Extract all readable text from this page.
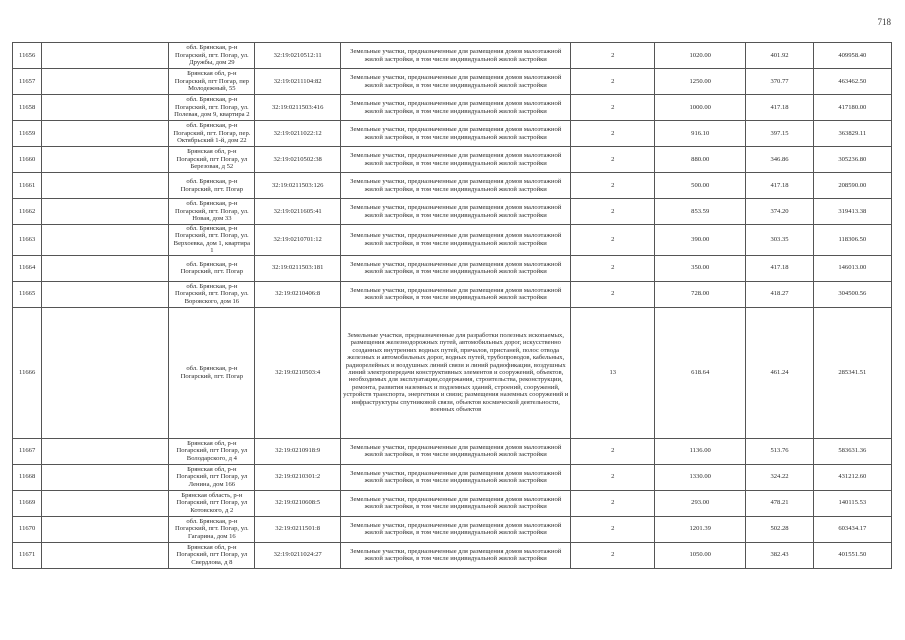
718
11656		обл. Брянская, р-н Погарский, пгт. Погар, ул. Дружбы, дом 29	32:19:0210512:11	Земельные участки, предназначенные для размещения домов малоэтажной жилой застройки, в том числе индивидуальной жилой застройки	2	1020.00	401.92	409958.40
11657		Брянская обл, р-н Погарский, пгт Погар, пер Молодежный, 55	32:19:0211104:82	Земельные участки, предназначенные для размещения домов малоэтажной жилой застройки, в том числе индивидуальной жилой застройки	2	1250.00	370.77	463462.50
11658		обл. Брянская, р-н Погарский, пгт. Погар, ул. Полевая, дом 9, квартира 2	32:19:0211503:416	Земельные участки, предназначенные для размещения домов малоэтажной жилой застройки, в том числе индивидуальной жилой застройки	2	1000.00	417.18	417180.00
11659		обл. Брянская, р-н Погарский, пгт. Погар, пер. Октябрьский 1-й, дом 22	32:19:0211022:12	Земельные участки, предназначенные для размещения домов малоэтажной жилой застройки, в том числе индивидуальной жилой застройки	2	916.10	397.15	363829.11
11660		Брянская обл, р-н Погарский, пгт Погар, ул Березовая, д 52	32:19:0210502:38	Земельные участки, предназначенные для размещения домов малоэтажной жилой застройки, в том числе индивидуальной жилой застройки	2	880.00	346.86	305236.80
11661		обл. Брянская, р-н Погарский, пгт. Погар	32:19:0211503:126	Земельные участки, предназначенные для размещения домов малоэтажной жилой застройки, в том числе индивидуальной жилой застройки	2	500.00	417.18	208590.00
11662		обл. Брянская, р-н Погарский, пгт. Погар, ул. Новая, дом 33	32:19:0211605:41	Земельные участки, предназначенные для размещения домов малоэтажной жилой застройки, в том числе индивидуальной жилой застройки	2	853.59	374.20	319413.38
11663		обл. Брянская, р-н Погарский, пгт. Погар, ул. Верхоевка, дом 1, квартира 1	32:19:0210701:12	Земельные участки, предназначенные для размещения домов малоэтажной жилой застройки, в том числе индивидуальной жилой застройки	2	390.00	303.35	118306.50
11664		обл. Брянская, р-н Погарский, пгт. Погар	32:19:0211503:181	Земельные участки, предназначенные для размещения домов малоэтажной жилой застройки, в том числе индивидуальной жилой застройки	2	350.00	417.18	146013.00
11665		обл. Брянская, р-н Погарский, пгт. Погар, ул. Воровского, дом 16	32:19:0210406:8	Земельные участки, предназначенные для размещения домов малоэтажной жилой застройки, в том числе индивидуальной жилой застройки	2	728.00	418.27	304500.56
11666		обл. Брянская, р-н Погарский, пгт. Погар	32:19:0210503:4	Земельные участки, предназначенные для разработки полезных ископаемых, размещения железнодорожных путей, автомобильных дорог, искусственно созданных внутренних водных путей, причалов, пристаней, полос отвода железных и автомобильных дорог, водных путей, трубопроводов, кабельных, радиорелейных и воздушных линий связи и линий радиофикации, воздушных линий электропередачи конструктивных элементов и сооружений, объектов, необходимых для эксплуатации,содержания, строительства, реконструкции, ремонта, развития наземных и подземных зданий, строений, сооружений, устройств транспорта, энергетики и связи; размещения наземных сооружений и инфраструктуры спутниковой связи, объектов космической деятельности, военных объектов	13	618.64	461.24	285341.51
11667		Брянская обл, р-н Погарский, пгт Погар, ул Володарского, д 4	32:19:0210918:9	Земельные участки, предназначенные для размещения домов малоэтажной жилой застройки, в том числе индивидуальной жилой застройки	2	1136.00	513.76	583631.36
11668		Брянская обл, р-н Погарский, пгт Погар, ул Ленина, дом 166	32:19:0210301:2	Земельные участки, предназначенные для размещения домов малоэтажной жилой застройки, в том числе индивидуальной жилой застройки	2	1330.00	324.22	431212.60
11669		Брянская область, р-н Погарский, пгт Погар, ул Котовского, д 2	32:19:0210608:5	Земельные участки, предназначенные для размещения домов малоэтажной жилой застройки, в том числе индивидуальной жилой застройки	2	293.00	478.21	140115.53
11670		обл. Брянская, р-н Погарский, пгт. Погар, ул. Гагарина, дом 16	32:19:0211501:8	Земельные участки, предназначенные для размещения домов малоэтажной жилой застройки, в том числе индивидуальной жилой застройки	2	1201.39	502.28	603434.17
11671		Брянская обл, р-н Погарский, пгт Погар, ул Свердлова, д 8	32:19:0211024:27	Земельные участки, предназначенные для размещения домов малоэтажной жилой застройки, в том числе индивидуальной жилой застройки	2	1050.00	382.43	401551.50
